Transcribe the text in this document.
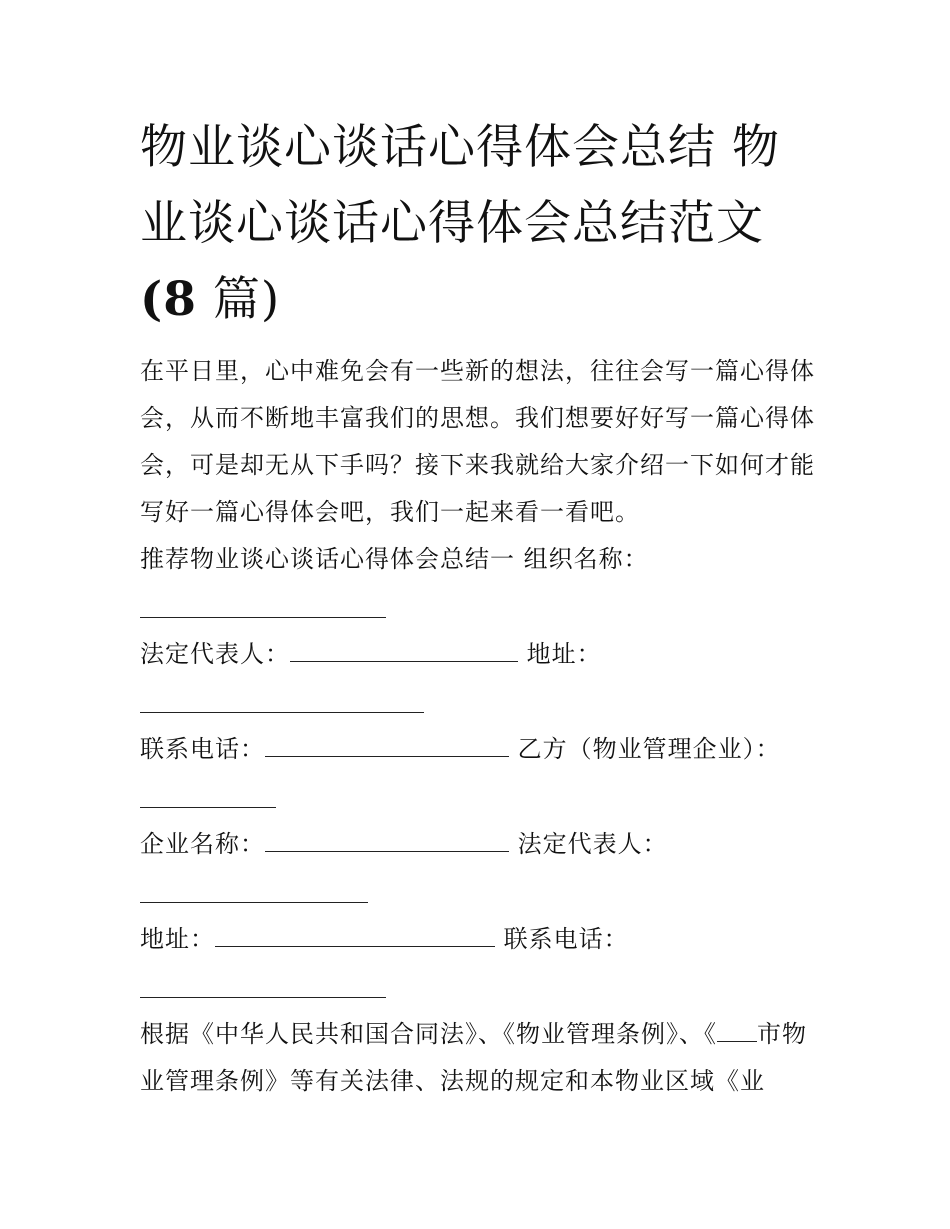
物业谈心谈话心得体会总结 物
业谈心谈话心得体会总结范文
(8 篇)

在平日里，心中难免会有一些新的想法，往往会写一篇心得体会，从而不断地丰富我们的思想。我们想要好好写一篇心得体会，可是却无从下手吗？接下来我就给大家介绍一下如何才能写好一篇心得体会吧，我们一起来看一看吧。

推荐物业谈心谈话心得体会总结一 组织名称：

法定代表人：	地址：

联系电话：	乙方（物业管理企业）：

企业名称：	法定代表人：

地址：	联系电话：

根据《中华人民共和国合同法》、《物业管理条例》、《 市物业管理条例》等有关法律、法规的规定和本物业区域《业
